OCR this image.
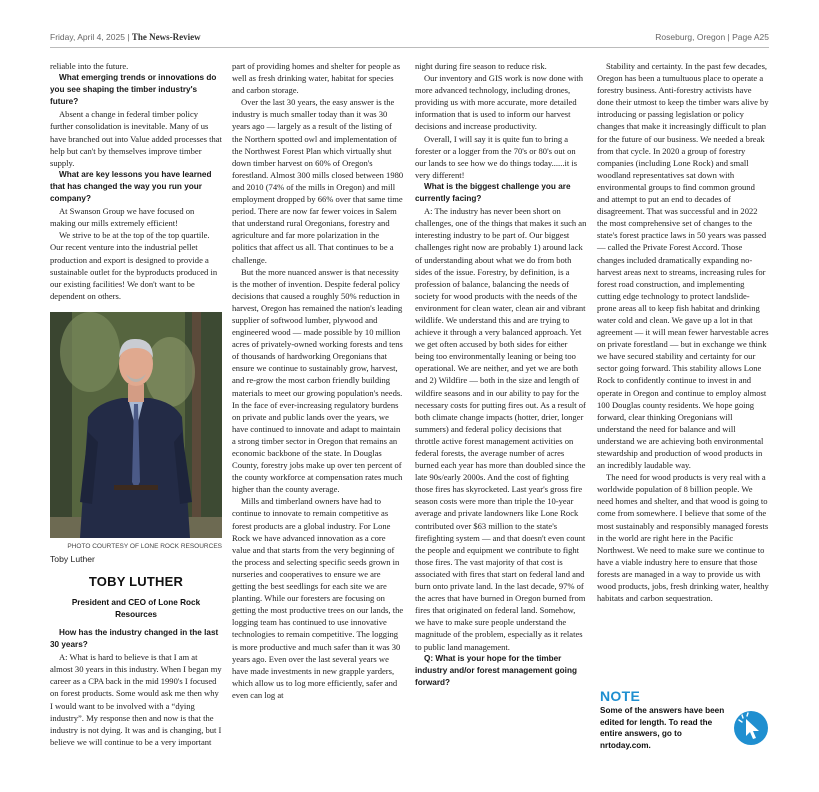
Friday, April 4, 2025 | The News-Review	Roseburg, Oregon | Page A25

reliable into the future.

What emerging trends or innovations do you see shaping the timber industry's future?

Absent a change in federal timber policy further consolidation is inevitable. Many of us have branched out into Value added processes that help but can't by themselves improve timber supply.

What are key lessons you have learned that has changed the way you run your company?

At Swanson Group we have focused on making our mills extremely efficient!

We strive to be at the top of the top quartile. Our recent venture into the industrial pellet production and export is designed to provide a sustainable outlet for the byproducts produced in our existing facilities! We don't want to be dependent on others.

PHOTO COURTESY OF LONE ROCK RESOURCES
Toby Luther
TOBY LUTHER
President and CEO of Lone Rock
Resources

How has the industry changed in the last 30 years?

A: What is hard to believe is that I am at almost 30 years in this industry. When I began my career as a CPA back in the mid 1990's I focused on forest products. Some would ask me then why I would want to be involved with a “dying industry”. My response then and now is that the industry is not dying. It was and is changing, but I believe we will continue to be a very important

part of providing homes and shelter for people as well as fresh drinking water, habitat for species and carbon storage.

Over the last 30 years, the easy answer is the industry is much smaller today than it was 30 years ago — largely as a result of the listing of the Northern spotted owl and implementation of the Northwest Forest Plan which virtually shut down timber harvest on 60% of Oregon's forestland. Almost 300 mills closed between 1980 and 2010 (74% of the mills in Oregon) and mill employment dropped by 66% over that same time period. There are now far fewer voices in Salem that understand rural Oregonians, forestry and agriculture and far more polarization in the politics that affect us all. That continues to be a challenge.

But the more nuanced answer is that necessity is the mother of invention. Despite federal policy decisions that caused a roughly 50% reduction in harvest, Oregon has remained the nation's leading supplier of softwood lumber, plywood and engineered wood — made possible by 10 million acres of privately-owned working forests and tens of thousands of hardworking Oregonians that ensure we continue to sustainably grow, harvest, and re-grow the most carbon friendly building materials to meet our growing population's needs. In the face of ever-increasing regulatory burdens on private and public lands over the years, we have continued to innovate and adapt to maintain a strong timber sector in Oregon that remains an economic backbone of the state. In Douglas County, forestry jobs make up over ten percent of the county workforce at compensation rates much higher than the county average.

Mills and timberland owners have had to continue to innovate to remain competitive as forest products are a global industry. For Lone Rock we have advanced innovation as a core value and that starts from the very beginning of the process and selecting specific seeds grown in nurseries and cooperatives to ensure we are getting the best seedlings for each site we are planting. While our foresters are focusing on getting the most productive trees on our lands, the logging team has continued to use innovative technologies to remain competitive. The logging is more productive and much safer than it was 30 years ago. Even over the last several years we have made investments in new grapple yarders, which allow us to log more efficiently, safer and even can log at

night during fire season to reduce risk.

Our inventory and GIS work is now done with more advanced technology, including drones, providing us with more accurate, more detailed information that is used to inform our harvest decisions and increase productivity.

Overall, I will say it is quite fun to bring a forester or a logger from the 70's or 80's out on our lands to see how we do things today......it is very different!

What is the biggest challenge you are currently facing?

A: The industry has never been short on challenges, one of the things that makes it such an interesting industry to be part of. Our biggest challenges right now are probably 1) around lack of understanding about what we do from both sides of the issue. Forestry, by definition, is a profession of balance, balancing the needs of society for wood products with the needs of the environment for clean water, clean air and vibrant wildlife. We understand this and are trying to achieve it through a very balanced approach. Yet we get often accused by both sides for either being too environmentally leaning or being too operational. We are neither, and yet we are both and 2) Wildfire — both in the size and length of wildfire seasons and in our ability to pay for the necessary costs for putting fires out. As a result of both climate change impacts (hotter, drier, longer summers) and federal policy decisions that throttle active forest management activities on federal forests, the average number of acres burned each year has more than doubled since the late 90s/early 2000s. And the cost of fighting those fires has skyrocketed. Last year's gross fire season costs were more than triple the 10-year average and private landowners like Lone Rock contributed over $63 million to the state's firefighting system — and that doesn't even count the people and equipment we contribute to fight those fires. The vast majority of that cost is associated with fires that start on federal land and burn onto private land. In the last decade, 97% of the acres that have burned in Oregon burned from fires that originated on federal land. Somehow, we have to make sure people understand the magnitude of the problem, especially as it relates to public land management.

Q: What is your hope for the timber industry and/or forest management going forward?

Stability and certainty. In the past few decades, Oregon has been a tumultuous place to operate a forestry business. Anti-forestry activists have done their utmost to keep the timber wars alive by introducing or passing legislation or policy changes that make it increasingly difficult to plan for the future of our business. We needed a break from that cycle. In 2020 a group of forestry companies (including Lone Rock) and small woodland representatives sat down with environmental groups to find common ground and attempt to put an end to decades of disagreement. That was successful and in 2022 the most comprehensive set of changes to the state's forest practice laws in 50 years was passed — called the Private Forest Accord. Those changes included dramatically expanding no-harvest areas next to streams, increasing rules for forest road construction, and implementing cutting edge technology to protect landslide-prone areas all to keep fish habitat and drinking water cold and clean. We gave up a lot in that agreement — it will mean fewer harvestable acres on private forestland — but in exchange we think we have secured stability and certainty for our sector going forward. This stability allows Lone Rock to confidently continue to invest in and operate in Oregon and continue to employ almost 100 Douglas county residents. We hope going forward, clear thinking Oregonians will understand the need for balance and will understand we are achieving both environmental stewardship and production of wood products in an incredibly laudable way.

The need for wood products is very real with a worldwide population of 8 billion people. We need homes and shelter, and that wood is going to come from somewhere. I believe that some of the most sustainably and responsibly managed forests in the world are right here in the Pacific Northwest. We need to make sure we continue to have a viable industry here to ensure that those forests are managed in a way to provide us with wood products, jobs, fresh drinking water, healthy habitats and carbon sequestration.

NOTE
Some of the answers have been edited for length. To read the entire answers, go to nrtoday.com.
